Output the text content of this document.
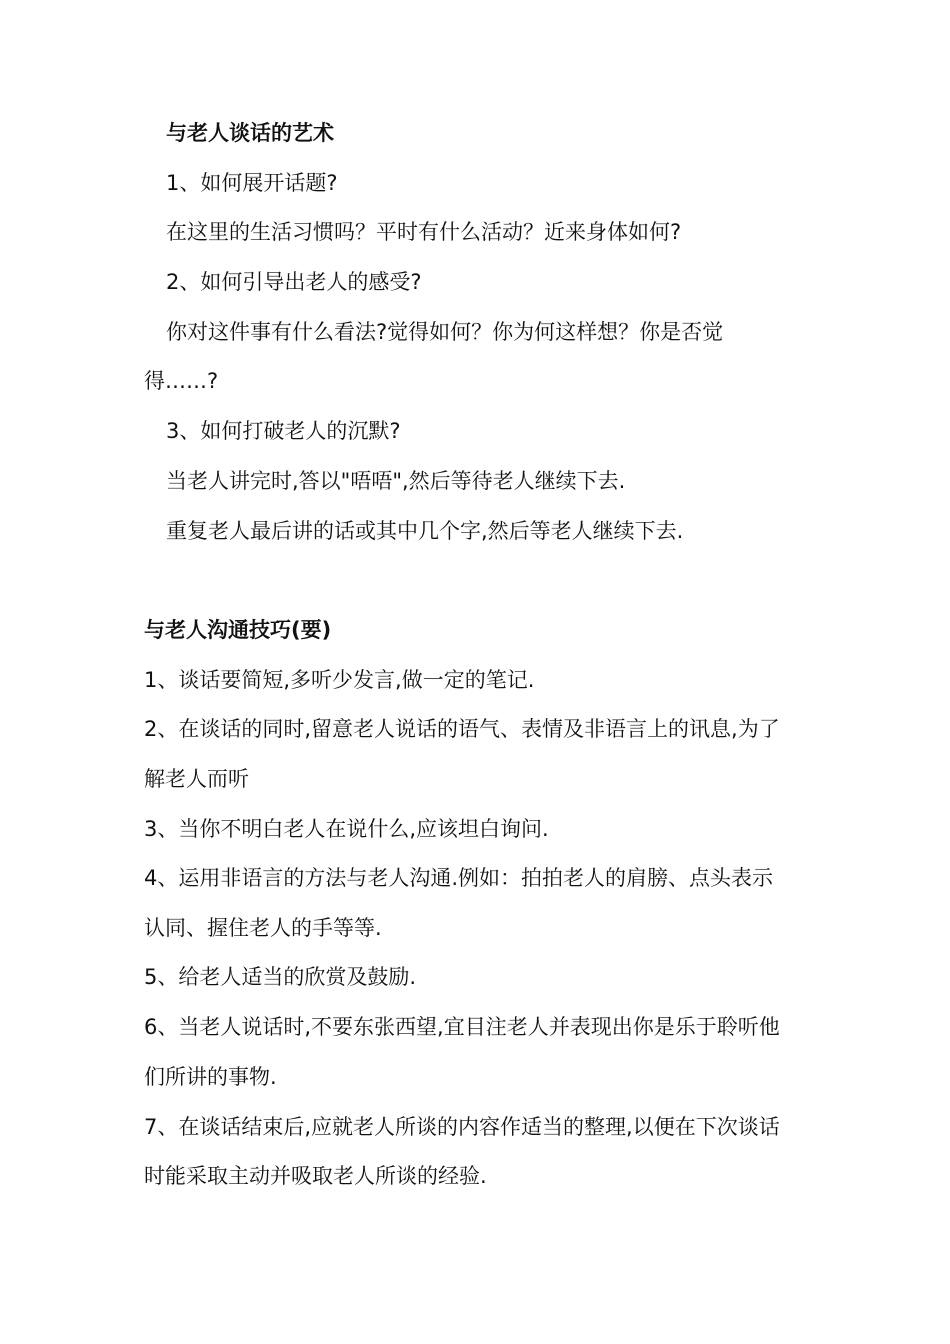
与老人谈话的艺术
1、如何展开话题?
在这里的生活习惯吗？平时有什么活动？近来身体如何?
2、如何引导出老人的感受?
你对这件事有什么看法?觉得如何？你为何这样想？你是否觉
得……?
3、如何打破老人的沉默?
当老人讲完时,答以"唔唔",然后等待老人继续下去.
重复老人最后讲的话或其中几个字,然后等老人继续下去.
与老人沟通技巧(要)
1、谈话要简短,多听少发言,做一定的笔记.
2、在谈话的同时,留意老人说话的语气、表情及非语言上的讯息,为了
解老人而听
3、当你不明白老人在说什么,应该坦白询问.
4、运用非语言的方法与老人沟通.例如：拍拍老人的肩膀、点头表示
认同、握住老人的手等等.
5、给老人适当的欣赏及鼓励.
6、当老人说话时,不要东张西望,宜目注老人并表现出你是乐于聆听他
们所讲的事物.
7、在谈话结束后,应就老人所谈的内容作适当的整理,以便在下次谈话
时能采取主动并吸取老人所谈的经验.
